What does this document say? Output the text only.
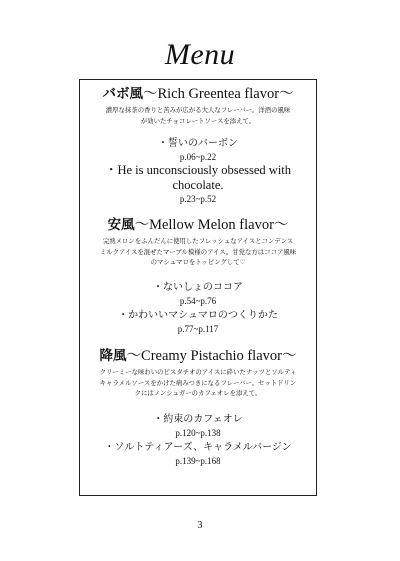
Menu
バボ風〜Rich Greentea flavor〜
濃厚な抹茶の香りと苦みが広がる大人なフレーバー。洋酒の風味
が効いたチョコレートソースを添えて。
・誓いのバーボン
p.06~p.22
・He is unconsciously obsessed with
chocolate.
p.23~p.52
安風〜Mellow Melon flavor〜
完熟メロンをふんだんに使用したフレッシュなアイスとコンデンス
ミルクアイスを混ぜたマーブル模様のアイス。甘党な方はココア風味
のマシュマロをトッピングして♡
・ないしょのココア
p.54~p.76
・かわいいマシュマロのつくりかた
p.77~p.117
降風〜Creamy Pistachio flavor〜
クリーミーな味わいのピスタチオのアイスに砕いたナッツとソルティ
キャラメルソースをかけた病みつきになるフレーバー。セットドリン
クにはノンシュガーのカフェオレを添えて。
・約束のカフェオレ
p.120~p.138
・ソルトティアーズ、キャラメルバージン
p.139~p.168
3
